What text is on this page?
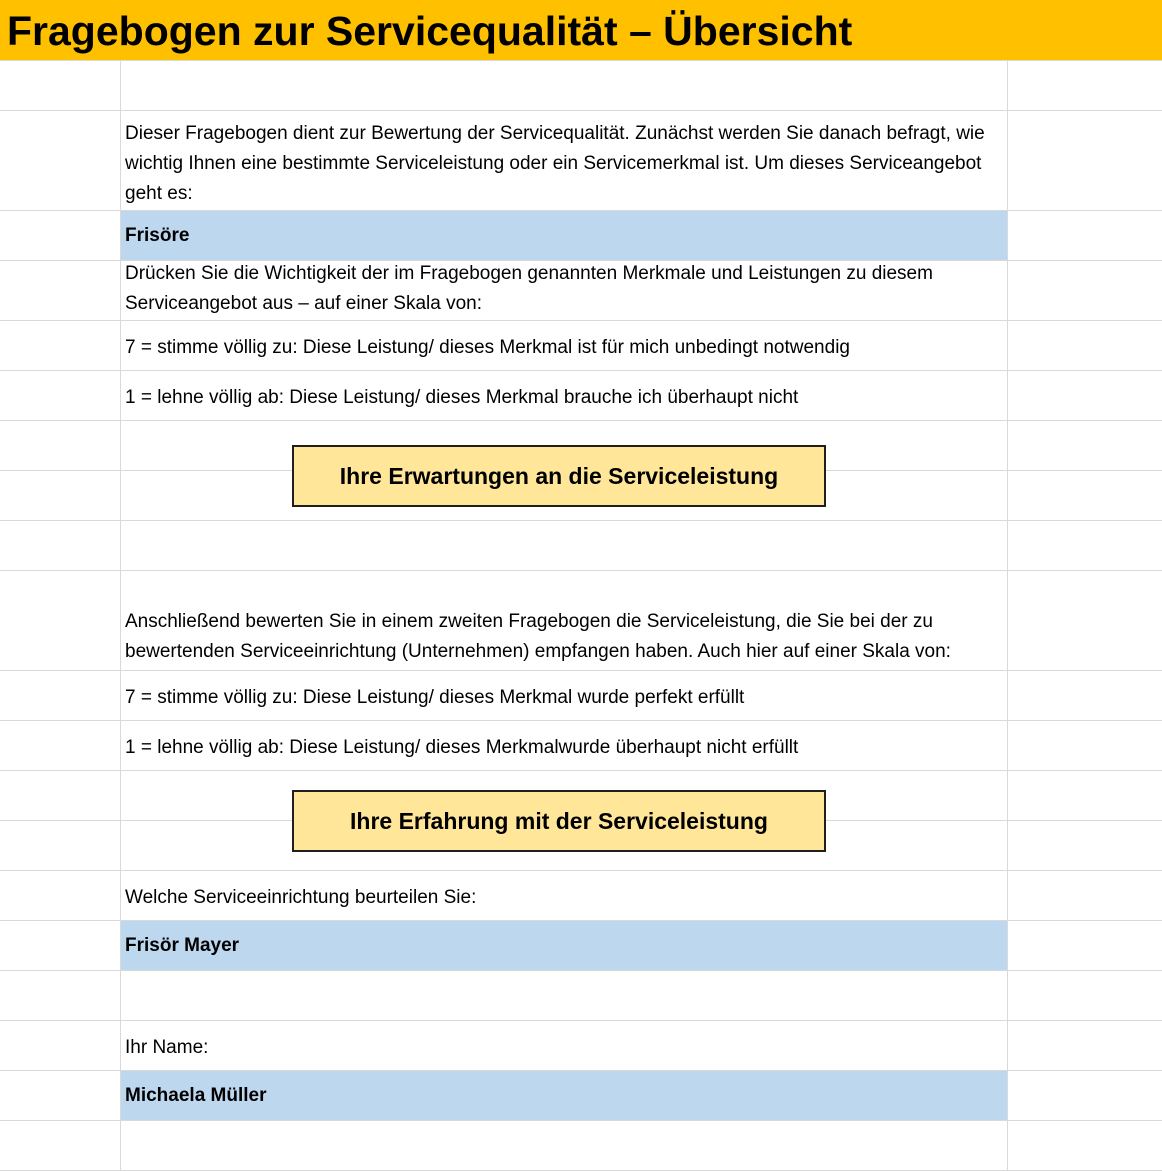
Fragebogen zur Servicequalität – Übersicht
Dieser Fragebogen dient zur Bewertung der Servicequalität. Zunächst werden Sie danach befragt, wie wichtig Ihnen eine bestimmte Serviceleistung oder ein Servicemerkmal ist. Um dieses Serviceangebot geht es:
Frisöre
Drücken Sie die Wichtigkeit der im Fragebogen genannten Merkmale und Leistungen zu diesem Serviceangebot aus – auf einer Skala von:
7 = stimme völlig zu: Diese Leistung/ dieses Merkmal ist für mich unbedingt notwendig
1 = lehne völlig ab: Diese Leistung/ dieses Merkmal brauche ich überhaupt nicht
Ihre Erwartungen an die Serviceleistung
Anschließend bewerten Sie in einem zweiten Fragebogen die Serviceleistung, die Sie bei der zu bewertenden Serviceeinrichtung (Unternehmen) empfangen haben. Auch hier auf einer Skala von:
7 = stimme völlig zu: Diese Leistung/ dieses Merkmal wurde perfekt erfüllt
1 = lehne völlig ab: Diese Leistung/ dieses Merkmalwurde überhaupt nicht erfüllt
Ihre Erfahrung mit der Serviceleistung
Welche Serviceeinrichtung beurteilen Sie:
Frisör Mayer
Ihr Name:
Michaela Müller
